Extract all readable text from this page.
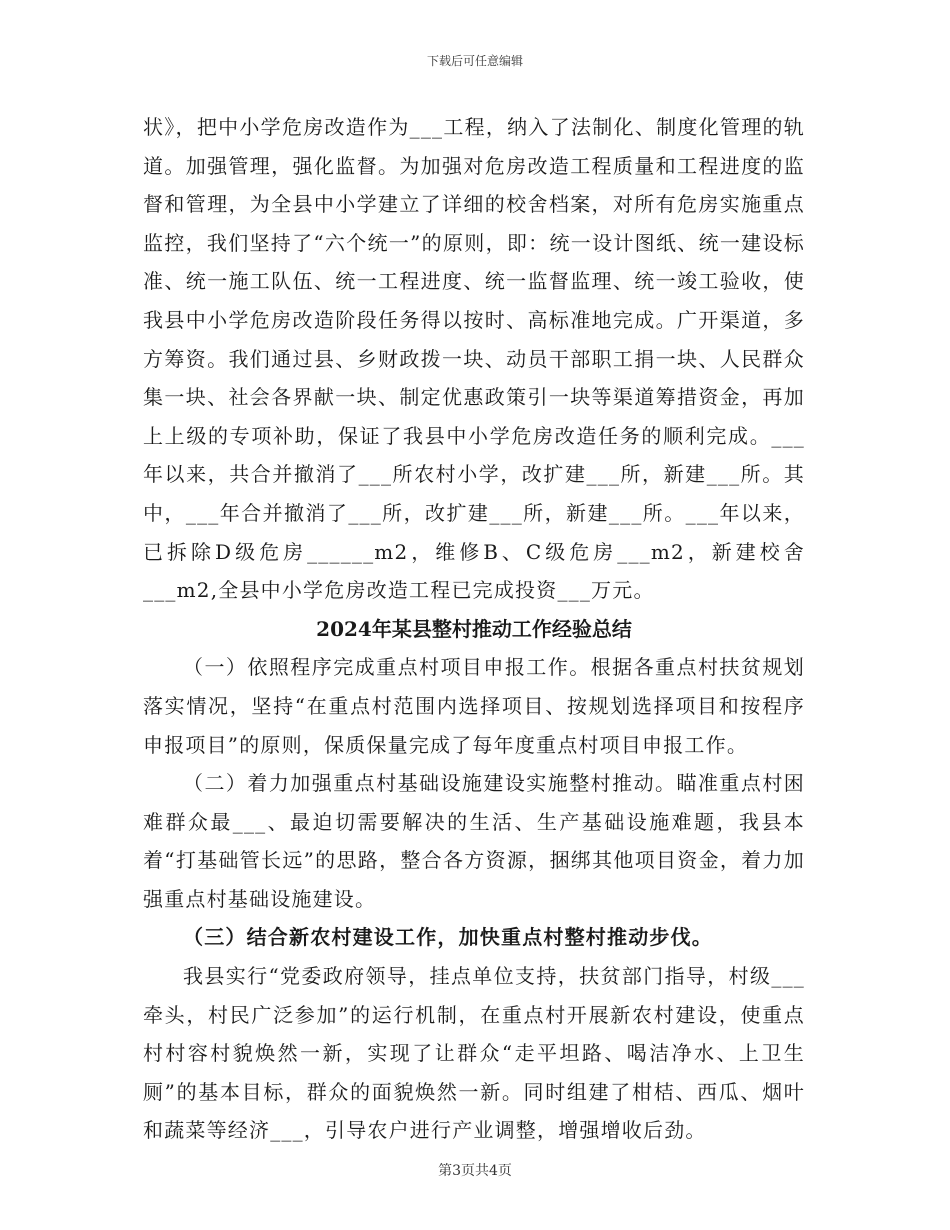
下载后可任意编辑

状》，把中小学危房改造作为___工程，纳入了法制化、制度化管理的轨道。加强管理，强化监督。为加强对危房改造工程质量和工程进度的监督和管理，为全县中小学建立了详细的校舍档案，对所有危房实施重点监控，我们坚持了“六个统一”的原则，即：统一设计图纸、统一建设标准、统一施工队伍、统一工程进度、统一监督监理、统一竣工验收，使我县中小学危房改造阶段任务得以按时、高标准地完成。广开渠道，多方筹资。我们通过县、乡财政拨一块、动员干部职工捐一块、人民群众集一块、社会各界献一块、制定优惠政策引一块等渠道筹措资金，再加上上级的专项补助，保证了我县中小学危房改造任务的顺利完成。___年以来，共合并撤消了___所农村小学，改扩建___所，新建___所。其中，___年合并撤消了___所，改扩建___所，新建___所。___年以来，已拆除D级危房______m2，维修B、C级危房___m2，新建校舍___m2,全县中小学危房改造工程已完成投资___万元。

2024年某县整村推动工作经验总结

（一）依照程序完成重点村项目申报工作。根据各重点村扶贫规划落实情况，坚持“在重点村范围内选择项目、按规划选择项目和按程序申报项目”的原则，保质保量完成了每年度重点村项目申报工作。

（二）着力加强重点村基础设施建设实施整村推动。瞄准重点村困难群众最___、最迫切需要解决的生活、生产基础设施难题，我县本着“打基础管长远”的思路，整合各方资源，捆绑其他项目资金，着力加强重点村基础设施建设。

（三）结合新农村建设工作，加快重点村整村推动步伐。

我县实行“党委政府领导，挂点单位支持，扶贫部门指导，村级___牵头，村民广泛参加”的运行机制，在重点村开展新农村建设，使重点村村容村貌焕然一新，实现了让群众“走平坦路、喝洁净水、上卫生厕”的基本目标，群众的面貌焕然一新。同时组建了柑桔、西瓜、烟叶和蔬菜等经济___，引导农户进行产业调整，增强增收后劲。

第3页共4页
